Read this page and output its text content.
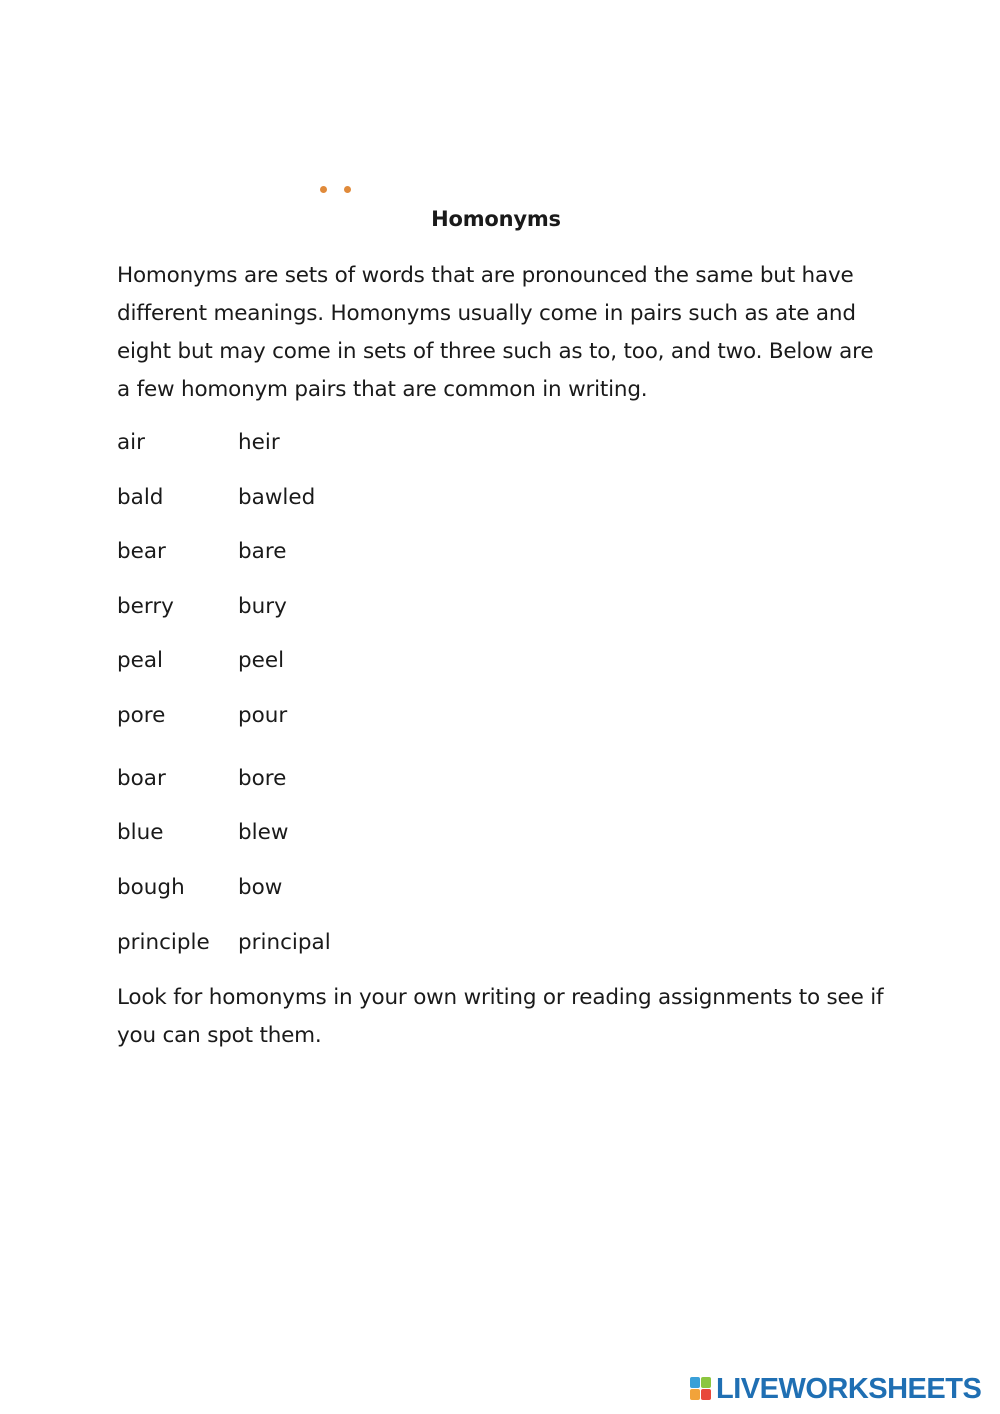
Homonyms
Homonyms are sets of words that are pronounced the same but have different meanings. Homonyms usually come in pairs such as ate and eight but may come in sets of three such as to, too, and two. Below are a few homonym pairs that are common in writing.
air	heir
bald	bawled
bear	bare
berry	bury
peal	peel
pore	pour
boar	bore
blue	blew
bough bow
principle principal
Look for homonyms in your own writing or reading assignments to see if you can spot them.
LIVEWORKSHEETS
